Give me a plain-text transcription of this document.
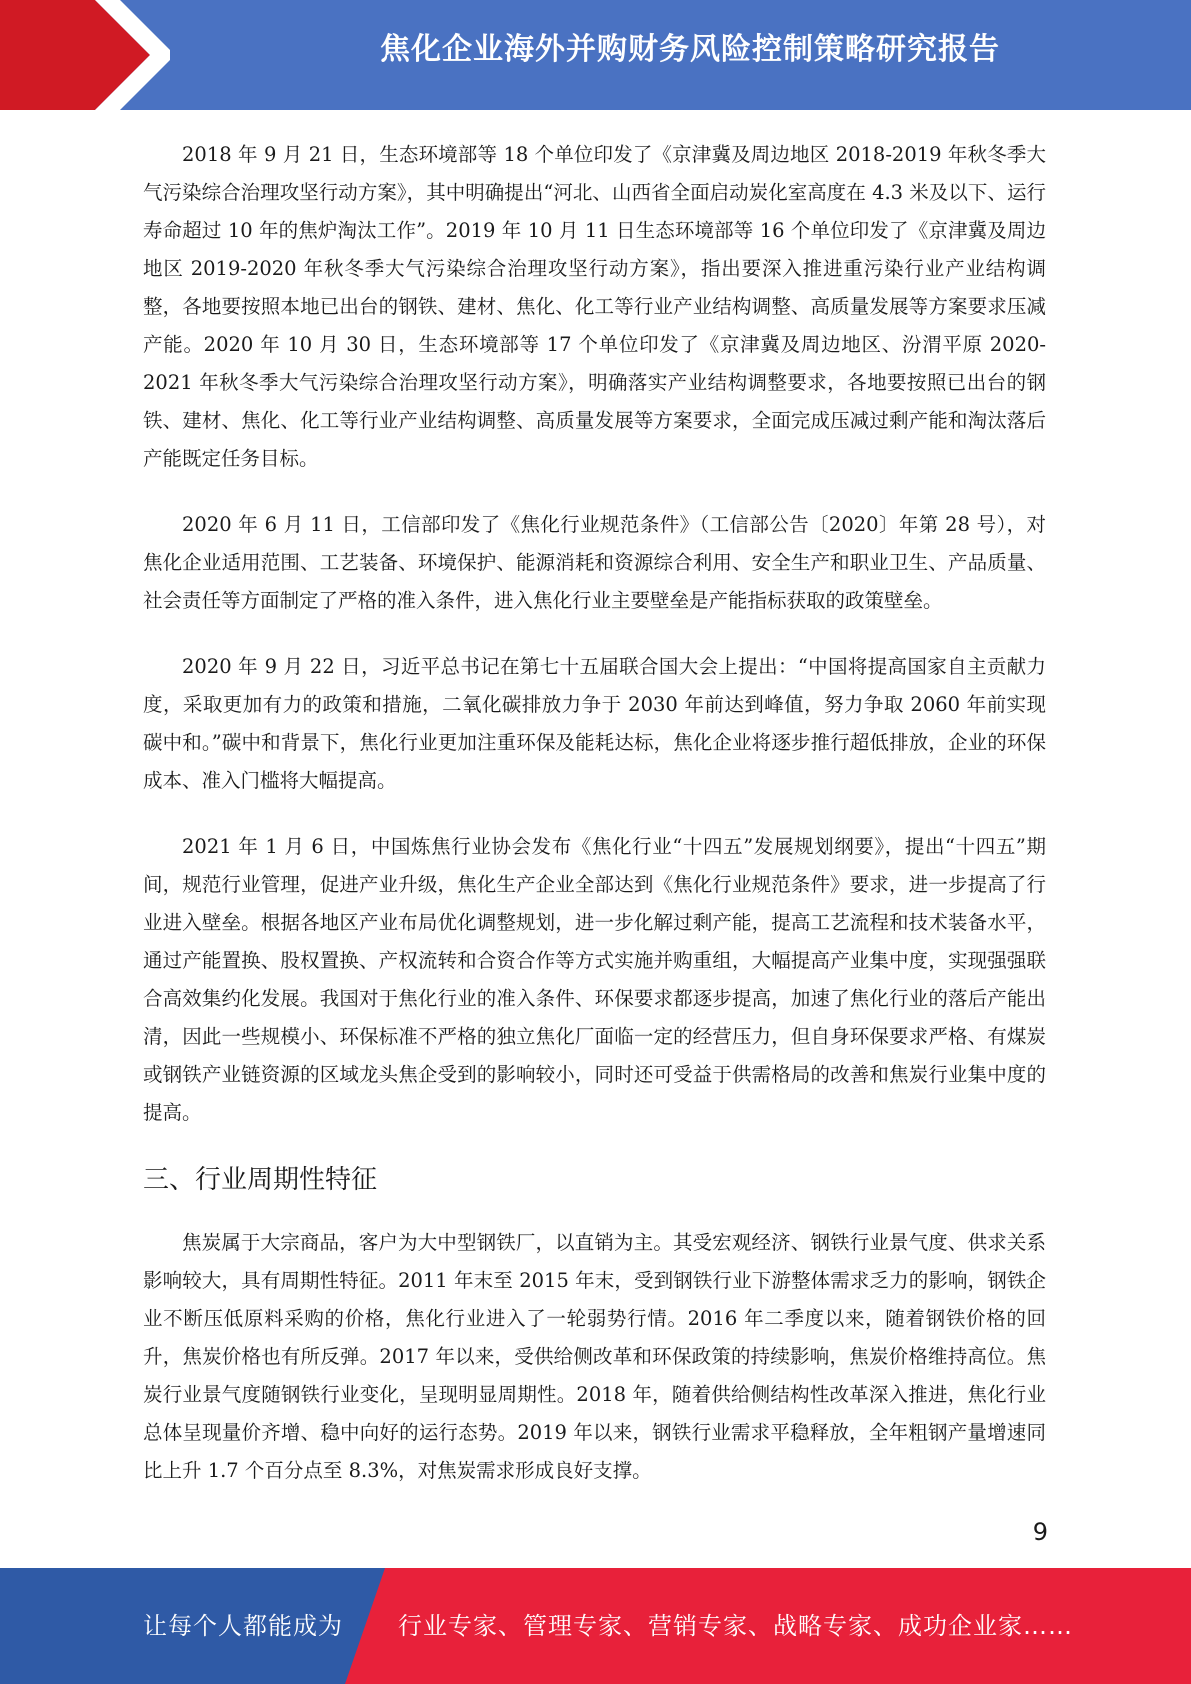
焦化企业海外并购财务风险控制策略研究报告

2018 年 9 月 21 日，生态环境部等 18 个单位印发了《京津冀及周边地区 2018-2019 年秋冬季大气污染综合治理攻坚行动方案》，其中明确提出“河北、山西省全面启动炭化室高度在 4.3 米及以下、运行寿命超过 10 年的焦炉淘汰工作”。2019 年 10 月 11 日生态环境部等 16 个单位印发了《京津冀及周边地区 2019-2020 年秋冬季大气污染综合治理攻坚行动方案》，指出要深入推进重污染行业产业结构调整，各地要按照本地已出台的钢铁、建材、焦化、化工等行业产业结构调整、高质量发展等方案要求压减产能。2020 年 10 月 30 日，生态环境部等 17 个单位印发了《京津冀及周边地区、汾渭平原 2020-2021 年秋冬季大气污染综合治理攻坚行动方案》，明确落实产业结构调整要求，各地要按照已出台的钢铁、建材、焦化、化工等行业产业结构调整、高质量发展等方案要求，全面完成压减过剩产能和淘汰落后产能既定任务目标。

2020 年 6 月 11 日，工信部印发了《焦化行业规范条件》（工信部公告〔2020〕年第 28 号），对焦化企业适用范围、工艺装备、环境保护、能源消耗和资源综合利用、安全生产和职业卫生、产品质量、社会责任等方面制定了严格的准入条件，进入焦化行业主要壁垒是产能指标获取的政策壁垒。

2020 年 9 月 22 日，习近平总书记在第七十五届联合国大会上提出：“中国将提高国家自主贡献力度，采取更加有力的政策和措施，二氧化碳排放力争于 2030 年前达到峰值，努力争取 2060 年前实现碳中和。”碳中和背景下，焦化行业更加注重环保及能耗达标，焦化企业将逐步推行超低排放，企业的环保成本、准入门槛将大幅提高。

2021 年 1 月 6 日，中国炼焦行业协会发布《焦化行业“十四五”发展规划纲要》，提出“十四五”期间，规范行业管理，促进产业升级，焦化生产企业全部达到《焦化行业规范条件》要求，进一步提高了行业进入壁垒。根据各地区产业布局优化调整规划，进一步化解过剩产能，提高工艺流程和技术装备水平，通过产能置换、股权置换、产权流转和合资合作等方式实施并购重组，大幅提高产业集中度，实现强强联合高效集约化发展。我国对于焦化行业的准入条件、环保要求都逐步提高，加速了焦化行业的落后产能出清，因此一些规模小、环保标准不严格的独立焦化厂面临一定的经营压力，但自身环保要求严格、有煤炭或钢铁产业链资源的区域龙头焦企受到的影响较小，同时还可受益于供需格局的改善和焦炭行业集中度的提高。

三、行业周期性特征

焦炭属于大宗商品，客户为大中型钢铁厂，以直销为主。其受宏观经济、钢铁行业景气度、供求关系影响较大，具有周期性特征。2011 年末至 2015 年末，受到钢铁行业下游整体需求乏力的影响，钢铁企业不断压低原料采购的价格，焦化行业进入了一轮弱势行情。2016 年二季度以来，随着钢铁价格的回升，焦炭价格也有所反弹。2017 年以来，受供给侧改革和环保政策的持续影响，焦炭价格维持高位。焦炭行业景气度随钢铁行业变化，呈现明显周期性。2018 年，随着供给侧结构性改革深入推进，焦化行业总体呈现量价齐增、稳中向好的运行态势。2019 年以来，钢铁行业需求平稳释放，全年粗钢产量增速同比上升 1.7 个百分点至 8.3%，对焦炭需求形成良好支撑。

9
让每个人都能成为 行业专家、管理专家、营销专家、战略专家、成功企业家……
